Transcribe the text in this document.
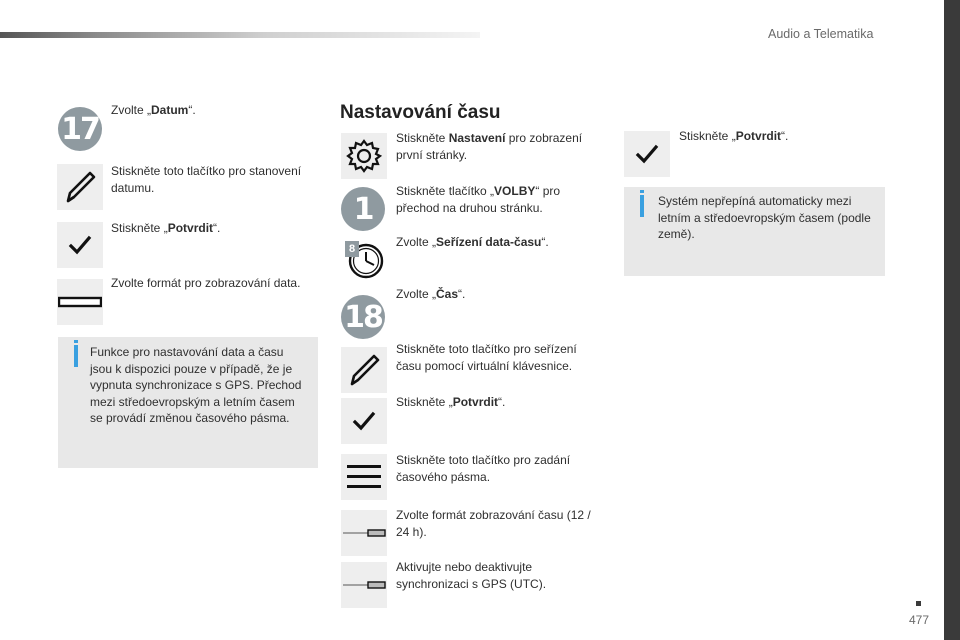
Audio a Telematika
477
Nastavování času
17
Zvolte „Datum“.
Stiskněte toto tlačítko pro stanovení datumu.
Stiskněte „Potvrdit“.
Zvolte formát pro zobrazování data.
Funkce pro nastavování data a času jsou k dispozici pouze v případě, že je vypnuta synchronizace s GPS. Přechod mezi středoevropským a letním časem se provádí změnou časového pásma.
Stiskněte Nastavení pro zobrazení první stránky.
1
Stiskněte tlačítko „VOLBY“ pro přechod na druhou stránku.
8	Zvolte „Seřízení data-času“.
18
Zvolte „Čas“.
Stiskněte toto tlačítko pro seřízení času pomocí virtuální klávesnice.
Stiskněte „Potvrdit“.
Stiskněte toto tlačítko pro zadání časového pásma.
Zvolte formát zobrazování času (12 / 24 h).
Aktivujte nebo deaktivujte synchronizaci s GPS (UTC).
Stiskněte „Potvrdit“.
Systém nepřepíná automaticky mezi letním a středoevropským časem (podle země).
